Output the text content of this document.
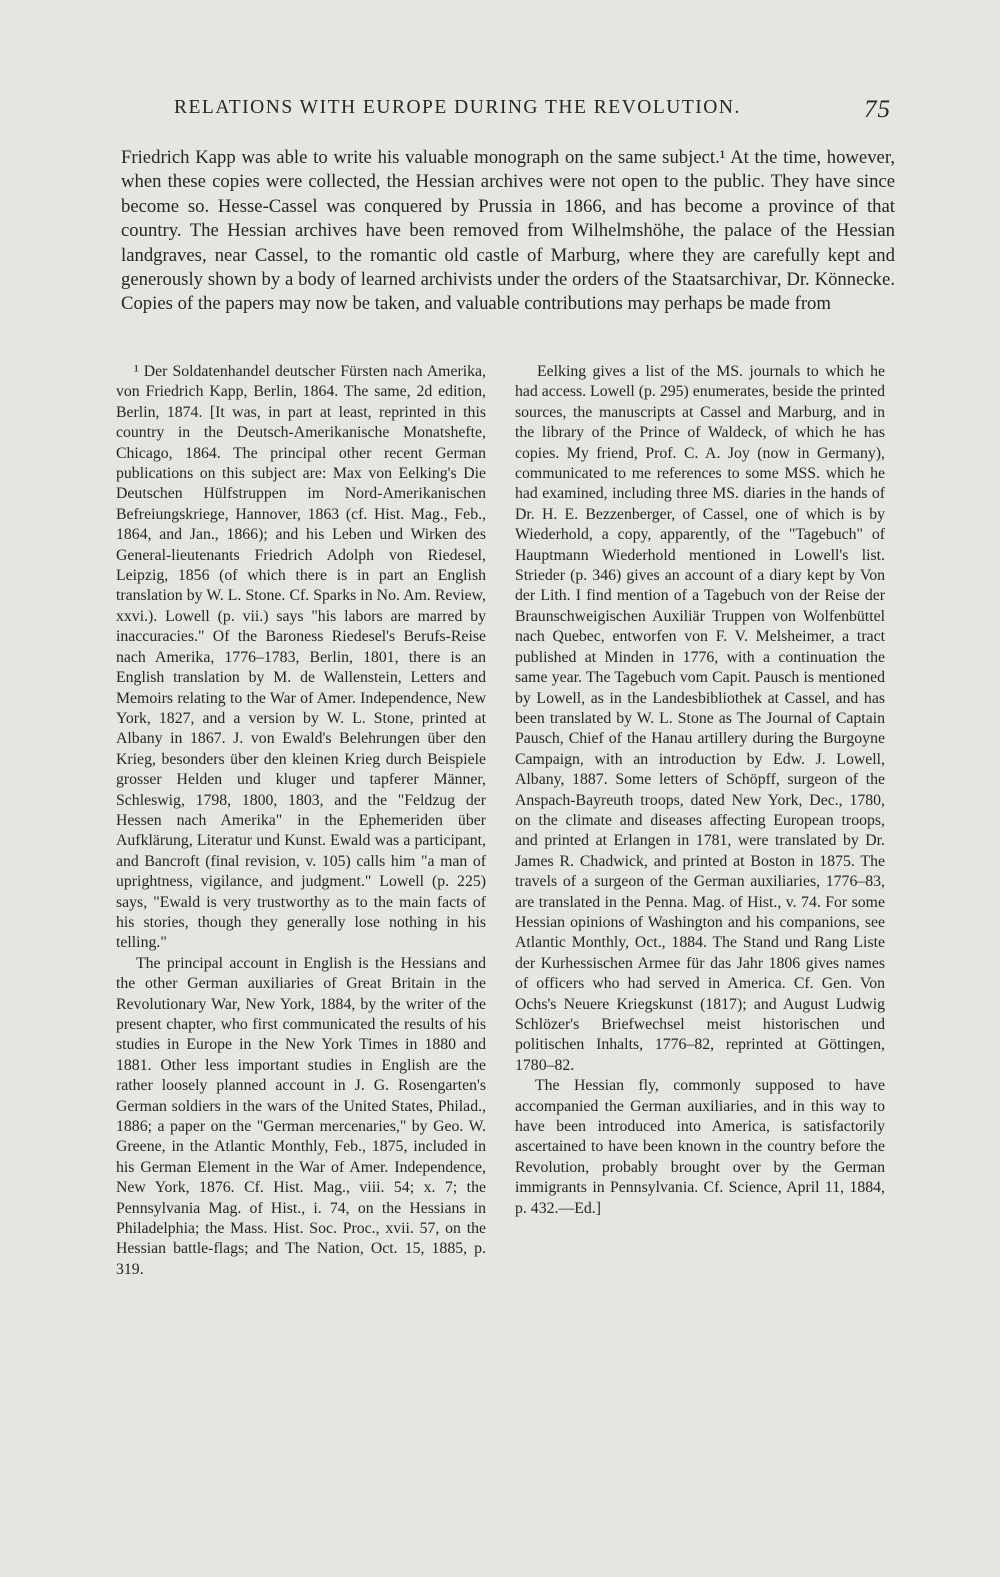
RELATIONS WITH EUROPE DURING THE REVOLUTION.	75

Friedrich Kapp was able to write his valuable monograph on the same subject.¹ At the time, however, when these copies were collected, the Hessian archives were not open to the public. They have since become so. Hesse-Cassel was conquered by Prussia in 1866, and has become a province of that country. The Hessian archives have been removed from Wilhelmshöhe, the palace of the Hessian landgraves, near Cassel, to the romantic old castle of Marburg, where they are carefully kept and generously shown by a body of learned archivists under the orders of the Staatsarchivar, Dr. Könnecke. Copies of the papers may now be taken, and valuable contributions may perhaps be made from

¹ Der Soldatenhandel deutscher Fürsten nach Amerika, von Friedrich Kapp, Berlin, 1864. The same, 2d edition, Berlin, 1874. [It was, in part at least, reprinted in this country in the Deutsch-Amerikanische Monatshefte, Chicago, 1864. The principal other recent German publications on this subject are: Max von Eelking's Die Deutschen Hülfstruppen im Nord-Amerikanischen Befreiungskriege, Hannover, 1863 (cf. Hist. Mag., Feb., 1864, and Jan., 1866); and his Leben und Wirken des General-lieutenants Friedrich Adolph von Riedesel, Leipzig, 1856 (of which there is in part an English translation by W. L. Stone. Cf. Sparks in No. Am. Review, xxvi.). Lowell (p. vii.) says "his labors are marred by inaccuracies." Of the Baroness Riedesel's Berufs-Reise nach Amerika, 1776–1783, Berlin, 1801, there is an English translation by M. de Wallenstein, Letters and Memoirs relating to the War of Amer. Independence, New York, 1827, and a version by W. L. Stone, printed at Albany in 1867. J. von Ewald's Belehrungen über den Krieg, besonders über den kleinen Krieg durch Beispiele grosser Helden und kluger und tapferer Männer, Schleswig, 1798, 1800, 1803, and the "Feldzug der Hessen nach Amerika" in the Ephemeriden über Aufklärung, Literatur und Kunst. Ewald was a participant, and Bancroft (final revision, v. 105) calls him "a man of uprightness, vigilance, and judgment." Lowell (p. 225) says, "Ewald is very trustworthy as to the main facts of his stories, though they generally lose nothing in his telling."

The principal account in English is the Hessians and the other German auxiliaries of Great Britain in the Revolutionary War, New York, 1884, by the writer of the present chapter, who first communicated the results of his studies in Europe in the New York Times in 1880 and 1881. Other less important studies in English are the rather loosely planned account in J. G. Rosengarten's German soldiers in the wars of the United States, Philad., 1886; a paper on the "German mercenaries," by Geo. W. Greene, in the Atlantic Monthly, Feb., 1875, included in his German Element in the War of Amer. Independence, New York, 1876. Cf. Hist. Mag., viii. 54; x. 7; the Pennsylvania Mag. of Hist., i. 74, on the Hessians in Philadelphia; the Mass. Hist. Soc. Proc., xvii. 57, on the Hessian battle-flags; and The Nation, Oct. 15, 1885, p. 319.

Eelking gives a list of the MS. journals to which he had access. Lowell (p. 295) enumerates, beside the printed sources, the manuscripts at Cassel and Marburg, and in the library of the Prince of Waldeck, of which he has copies. My friend, Prof. C. A. Joy (now in Germany), communicated to me references to some MSS. which he had examined, including three MS. diaries in the hands of Dr. H. E. Bezzenberger, of Cassel, one of which is by Wiederhold, a copy, apparently, of the "Tagebuch" of Hauptmann Wiederhold mentioned in Lowell's list. Strieder (p. 346) gives an account of a diary kept by Von der Lith. I find mention of a Tagebuch von der Reise der Braunschweigischen Auxiliär Truppen von Wolfenbüttel nach Quebec, entworfen von F. V. Melsheimer, a tract published at Minden in 1776, with a continuation the same year. The Tagebuch vom Capit. Pausch is mentioned by Lowell, as in the Landesbibliothek at Cassel, and has been translated by W. L. Stone as The Journal of Captain Pausch, Chief of the Hanau artillery during the Burgoyne Campaign, with an introduction by Edw. J. Lowell, Albany, 1887. Some letters of Schöpff, surgeon of the Anspach-Bayreuth troops, dated New York, Dec., 1780, on the climate and diseases affecting European troops, and printed at Erlangen in 1781, were translated by Dr. James R. Chadwick, and printed at Boston in 1875. The travels of a surgeon of the German auxiliaries, 1776–83, are translated in the Penna. Mag. of Hist., v. 74. For some Hessian opinions of Washington and his companions, see Atlantic Monthly, Oct., 1884. The Stand und Rang Liste der Kurhessischen Armee für das Jahr 1806 gives names of officers who had served in America. Cf. Gen. Von Ochs's Neuere Kriegskunst (1817); and August Ludwig Schlözer's Briefwechsel meist historischen und politischen Inhalts, 1776–82, reprinted at Göttingen, 1780–82.

The Hessian fly, commonly supposed to have accompanied the German auxiliaries, and in this way to have been introduced into America, is satisfactorily ascertained to have been known in the country before the Revolution, probably brought over by the German immigrants in Pennsylvania. Cf. Science, April 11, 1884, p. 432.—Ed.]
